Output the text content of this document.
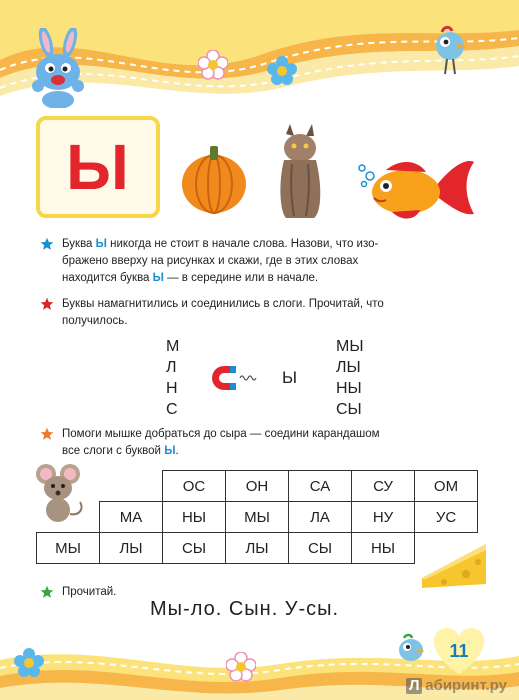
Ы
Буква Ы никогда не стоит в начале слова. Назови, что изо-
бражено вверху на рисунках и скажи, где в этих словах
находится буква Ы — в середине или в начале.
Буквы намагнитились и соединились в слоги. Прочитай, что
получилось.
М
Л
Н
С
Ы
МЫ
ЛЫ
НЫ
СЫ
Помоги мышке добраться до сыра — соедини карандашом
все слоги с буквой Ы.
		ОС	ОН	СА	СУ	ОМ
	МА	НЫ	МЫ	ЛА	НУ	УС
МЫ	ЛЫ	СЫ	ЛЫ	СЫ	НЫ	
Прочитай.
Мы-ло. Сын. У-сы.
11
Л абиринт.ру
